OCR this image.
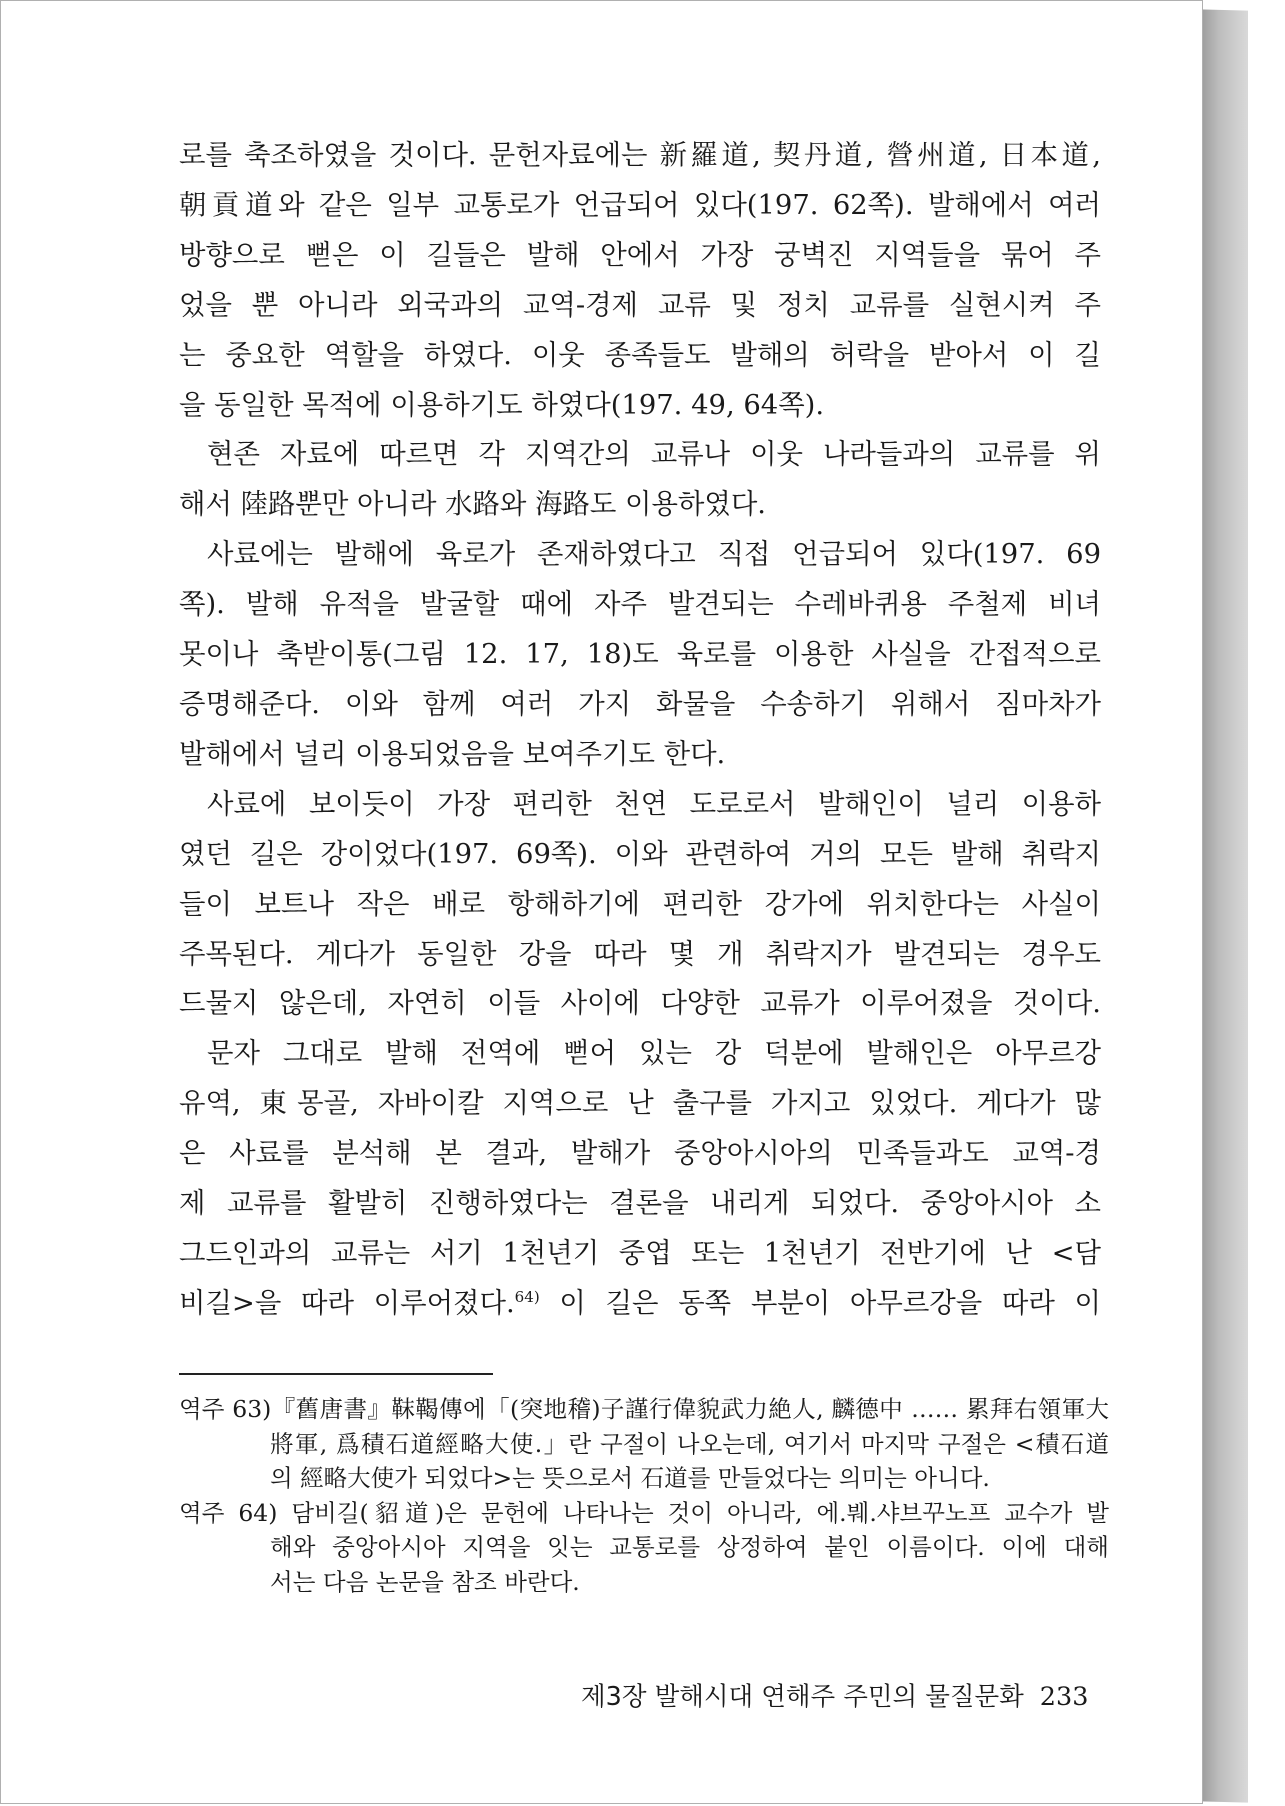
로를 축조하였을 것이다. 문헌자료에는 新羅道, 契丹道, 營州道, 日本道,

朝貢道와 같은 일부 교통로가 언급되어 있다(197. 62쪽). 발해에서 여러

방향으로 뻗은 이 길들은 발해 안에서 가장 궁벽진 지역들을 묶어 주

었을 뿐 아니라 외국과의 교역-경제 교류 및 정치 교류를 실현시켜 주

는 중요한 역할을 하였다. 이웃 종족들도 발해의 허락을 받아서 이 길

을 동일한 목적에 이용하기도 하였다(197. 49, 64쪽).

현존 자료에 따르면 각 지역간의 교류나 이웃 나라들과의 교류를 위

해서 陸路뿐만 아니라 水路와 海路도 이용하였다.

사료에는 발해에 육로가 존재하였다고 직접 언급되어 있다(197. 69

쪽). 발해 유적을 발굴할 때에 자주 발견되는 수레바퀴용 주철제 비녀

못이나 축받이통(그림 12. 17, 18)도 육로를 이용한 사실을 간접적으로

증명해준다. 이와 함께 여러 가지 화물을 수송하기 위해서 짐마차가

발해에서 널리 이용되었음을 보여주기도 한다.

사료에 보이듯이 가장 편리한 천연 도로로서 발해인이 널리 이용하

였던 길은 강이었다(197. 69쪽). 이와 관련하여 거의 모든 발해 취락지

들이 보트나 작은 배로 항해하기에 편리한 강가에 위치한다는 사실이

주목된다. 게다가 동일한 강을 따라 몇 개 취락지가 발견되는 경우도

드물지 않은데, 자연히 이들 사이에 다양한 교류가 이루어졌을 것이다.

문자 그대로 발해 전역에 뻗어 있는 강 덕분에 발해인은 아무르강

유역, 東몽골, 자바이칼 지역으로 난 출구를 가지고 있었다. 게다가 많

은 사료를 분석해 본 결과, 발해가 중앙아시아의 민족들과도 교역-경

제 교류를 활발히 진행하였다는 결론을 내리게 되었다. 중앙아시아 소

그드인과의 교류는 서기 1천년기 중엽 또는 1천년기 전반기에 난 <담

비길>을 따라 이루어졌다.$^{64)}$ 이 길은 동쪽 부분이 아무르강을 따라 이

역주 63)『舊唐書』靺鞨傳에「(突地稽)子謹行偉貌武力絶人, 麟德中 …… 累拜右領軍大

將軍, 爲積石道經略大使.」란 구절이 나오는데, 여기서 마지막 구절은 <積石道

의 經略大使가 되었다>는 뜻으로서 石道를 만들었다는 의미는 아니다.

역주 64) 담비길(貂道)은 문헌에 나타나는 것이 아니라, 에.붸.샤브꾸노프 교수가 발

해와 중앙아시아 지역을 잇는 교통로를 상정하여 붙인 이름이다. 이에 대해

서는 다음 논문을 참조 바란다.

제3장 발해시대 연해주 주민의 물질문화 233
